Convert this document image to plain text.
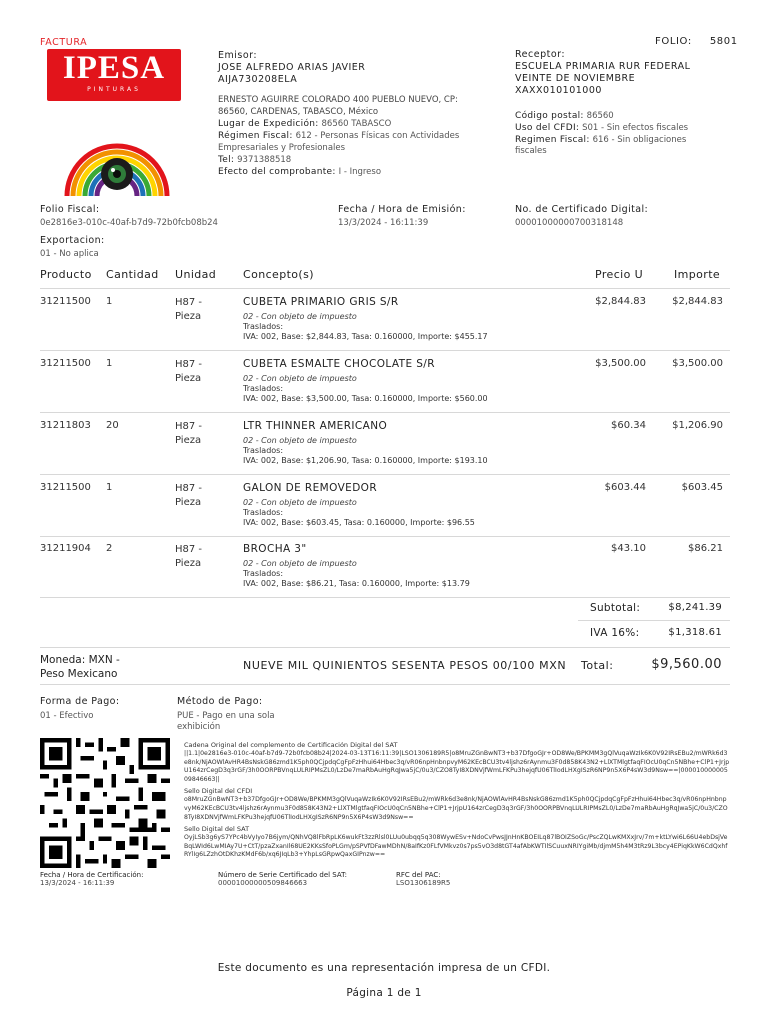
FACTURA	FOLIO: 5801
IPESA
PINTURAS
Emisor:
JOSE ALFREDO ARIAS JAVIER
AIJA730208ELA
ERNESTO AGUIRRE COLORADO 400 PUEBLO NUEVO, CP:
86560, CARDENAS, TABASCO, México
Lugar de Expedición: 86560 TABASCO
Régimen Fiscal: 612 - Personas Físicas con Actividades
Empresariales y Profesionales
Tel: 9371388518
Efecto del comprobante: I - Ingreso
Receptor:
ESCUELA PRIMARIA RUR FEDERAL
VEINTE DE NOVIEMBRE
XAXX010101000
Código postal: 86560
Uso del CFDI: S01 - Sin efectos fiscales
Regimen Fiscal: 616 - Sin obligaciones
fiscales
Folio Fiscal:
0e2816e3-010c-40af-b7d9-72b0fcb08b24
Fecha / Hora de Emisión:
13/3/2024 - 16:11:39
No. de Certificado Digital:
00001000000700318148
Exportacion:
01 - No aplica
Producto Cantidad Unidad Concepto(s)	Precio U	Importe
31211500 1	H87 -
Pieza
CUBETA PRIMARIO GRIS S/R
02 - Con objeto de impuesto
Traslados:
IVA: 002, Base: $2,844.83, Tasa: 0.160000, Importe: $455.17
$2,844.83	$2,844.83
31211500 1	H87 -
Pieza
CUBETA ESMALTE CHOCOLATE S/R
02 - Con objeto de impuesto
Traslados:
IVA: 002, Base: $3,500.00, Tasa: 0.160000, Importe: $560.00
$3,500.00	$3,500.00
31211803 20	H87 -
Pieza
LTR THINNER AMERICANO
02 - Con objeto de impuesto
Traslados:
IVA: 002, Base: $1,206.90, Tasa: 0.160000, Importe: $193.10
$60.34	$1,206.90
31211500 1	H87 -
Pieza
GALON DE REMOVEDOR
02 - Con objeto de impuesto
Traslados:
IVA: 002, Base: $603.45, Tasa: 0.160000, Importe: $96.55
$603.44	$603.45
31211904 2	H87 -
Pieza
BROCHA 3"
02 - Con objeto de impuesto
Traslados:
IVA: 002, Base: $86.21, Tasa: 0.160000, Importe: $13.79
$43.10	$86.21
Subtotal:	$8,241.39
IVA 16%:	$1,318.61
Moneda: MXN -
Peso Mexicano
NUEVE MIL QUINIENTOS SESENTA PESOS 00/100 MXN Total:	$9,560.00
Forma de Pago:
01 - Efectivo
Método de Pago:
PUE - Pago en una sola
exhibición
Cadena Original del complemento de Certificación Digital del SAT
||1.1|0e2816e3-010c-40af-b7d9-72b0fcb08b24|2024-03-13T16:11:39|LSO1306189R5|o8MruZGnBwNT3+b37DfgoGJr+OD8We/BPKMM3gQlVuqaWzIk6K0V92IRsEBu2/mWRk6d3e8nk/NjAOWlAvHR4BsNskG86zmd1K5ph0QCjpdqCgFpFzHhui64Hbec3q/vR06npHnbnpvyM62KEcBCU3tv4ljshz6rAynmu3F0d858K43N2+LlXTMlgtfaqFIOcU0qCn5NBhe+ClP1+JrjpU164zrCegD3q3rGF/3h0OORPBVnqLULRIPMsZL0/LzDe7maRbAuHgRqJwa5jC/0u3/CZO8TyI8XDNVjfWmLFKPu3hejqfU06TlIodLHXgISzR6NP9n5X6P4sW3d9Nsw==|00001000000509846663||
Sello Digital del CFDI
o8MruZGnBwNT3+b37DfgoGJr+OD8We/BPKMM3gQlVuqaWzIk6K0V92IRsEBu2/mWRk6d3e8nk/NjAOWlAvHR4BsNskG86zmd1K5ph0QCjpdqCgFpFzHhui64Hbec3q/vR06npHnbnpvyM62KEcBCU3tv4ljshz6rAynmu3F0d858K43N2+LlXTMlgtfaqFIOcU0qCn5NBhe+ClP1+JrjpU164zrCegD3q3rGF/3h0OORPBVnqLULRIPMsZL0/LzDe7maRbAuHgRqJwa5jC/0u3/CZO8TyI8XDNVjfWmLFKPu3hejqfU06TlIodLHXgISzR6NP9n5X6P4sW3d9Nsw==
Sello Digital del SAT
OyjLSb3g6yS7YPc4bVyIyo7B6jym/QNhVQ8lFbRpLK6wukFt3zzRlsl0LUu0ubqq5q308WywESv+NdoCvPwsJJnHnKBOEILq87lBOIZSoGc/PscZQLwKMXxJrv/7m+ktLYwi6L66U4ebDsjVeBqLWId6LwMIAy7U+CtT/pzaZxanIl68UE2KKsSfoPLGm/pSPVfDFawMDhN/8aIfKz0FLfVMkvz0s7ps5vO3d8tGT4afAbKWTIlSCuuxNRIYgiMb/djmM5h4M3tRz9L3bcy4EPiqKkW6CdQxhfRYlIg6LZzhOtDKhzKMdF6b/xq6JIqLb3+YhpLsGRpwQaxGIPnzw==
Fecha / Hora de Certificación:
13/3/2024 - 16:11:39
Número de Serie Certificado del SAT:
00001000000509846663
RFC del PAC:
LSO1306189R5
Este documento es una representación impresa de un CFDI.
Página 1 de 1
